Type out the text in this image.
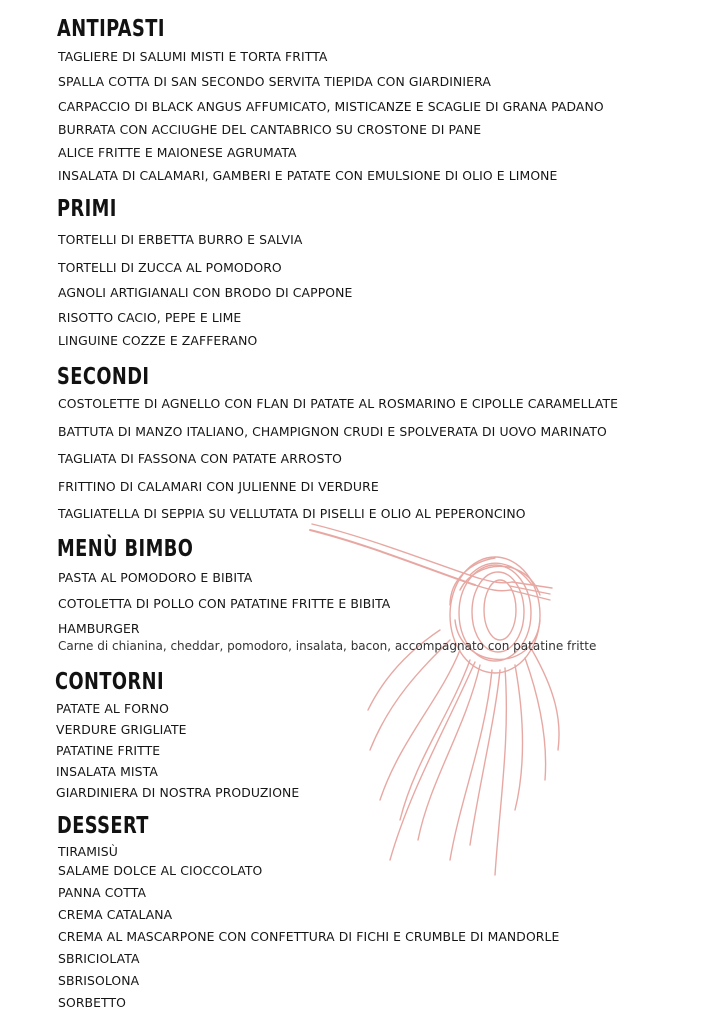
ANTIPASTI
TAGLIERE DI SALUMI MISTI E TORTA FRITTA
SPALLA COTTA DI SAN SECONDO SERVITA TIEPIDA CON GIARDINIERA
CARPACCIO DI BLACK ANGUS AFFUMICATO, MISTICANZE E SCAGLIE DI GRANA PADANO
BURRATA CON ACCIUGHE DEL CANTABRICO SU CROSTONE DI PANE
ALICE FRITTE E MAIONESE AGRUMATA
INSALATA DI CALAMARI, GAMBERI E PATATE CON EMULSIONE DI OLIO E LIMONE
PRIMI
TORTELLI DI ERBETTA BURRO E SALVIA
TORTELLI DI ZUCCA AL POMODORO
AGNOLI ARTIGIANALI CON BRODO DI CAPPONE
RISOTTO CACIO, PEPE E LIME
LINGUINE COZZE E ZAFFERANO
SECONDI
COSTOLETTE DI AGNELLO CON FLAN DI PATATE AL ROSMARINO E CIPOLLE CARAMELLATE
BATTUTA DI MANZO ITALIANO, CHAMPIGNON CRUDI E SPOLVERATA DI UOVO MARINATO
TAGLIATA DI FASSONA CON PATATE ARROSTO
FRITTINO DI CALAMARI CON JULIENNE DI VERDURE
TAGLIATELLA DI SEPPIA SU VELLUTATA DI PISELLI E OLIO AL PEPERONCINO
MENÙ BIMBO
PASTA AL POMODORO E BIBITA
COTOLETTA DI POLLO CON PATATINE FRITTE E BIBITA
HAMBURGER
Carne di chianina, cheddar, pomodoro, insalata, bacon, accompagnato con patatine fritte
CONTORNI
PATATE AL FORNO
VERDURE GRIGLIATE
PATATINE FRITTE
INSALATA MISTA
GIARDINIERA DI NOSTRA PRODUZIONE
DESSERT
TIRAMISÙ
SALAME DOLCE AL CIOCCOLATO
PANNA COTTA
CREMA CATALANA
CREMA AL MASCARPONE CON CONFETTURA DI FICHI E CRUMBLE DI MANDORLE
SBRICIOLATA
SBRISOLONA
SORBETTO
